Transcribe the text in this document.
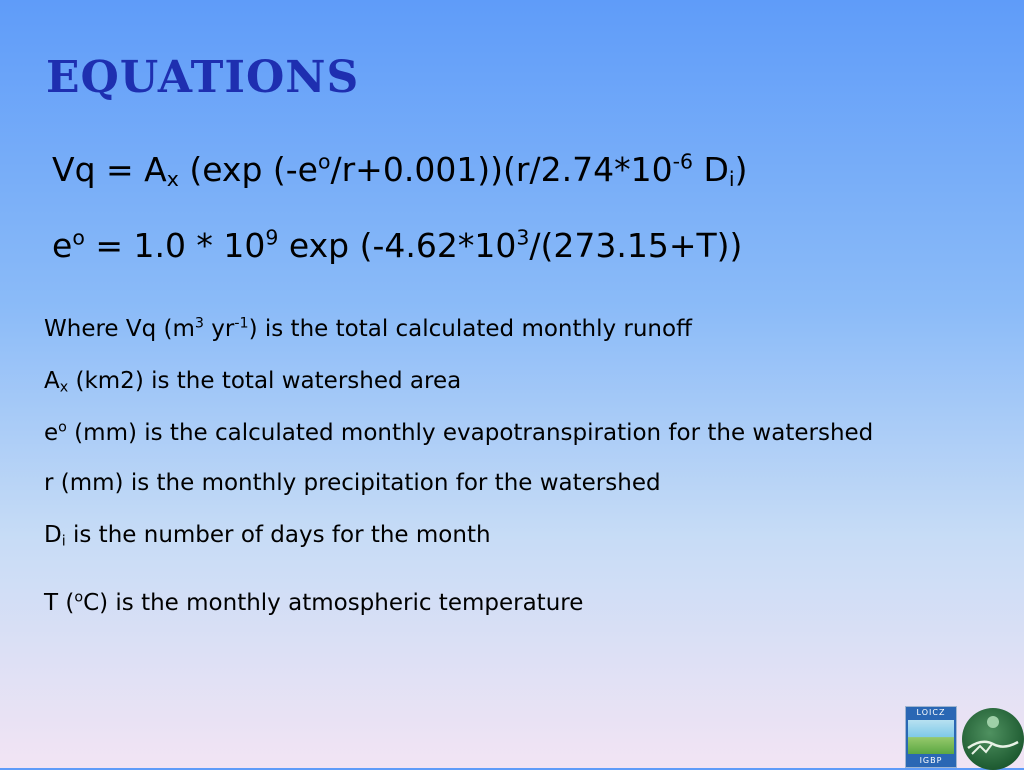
EQUATIONS
$Vq = A_x$ (exp $(-e^o/r+0.001))(r/2.74*10^{-6}$ $D_i$)
$e^o = 1.0 * 10^9$ $\exp (-4.62*10^3/(273.15+T))$
Where Vq ($m^3$ $yr^{-1}$) is the total calculated monthly runoff
$A_x$ (km2) is the total watershed area
$e^o$ (mm) is the calculated monthly evapotranspiration for the watershed
r (mm) is the monthly precipitation for the watershed
$D_i$ is the number of days for the month
T ($^o$C) is the monthly atmospheric temperature
LOICZ
IGBP
